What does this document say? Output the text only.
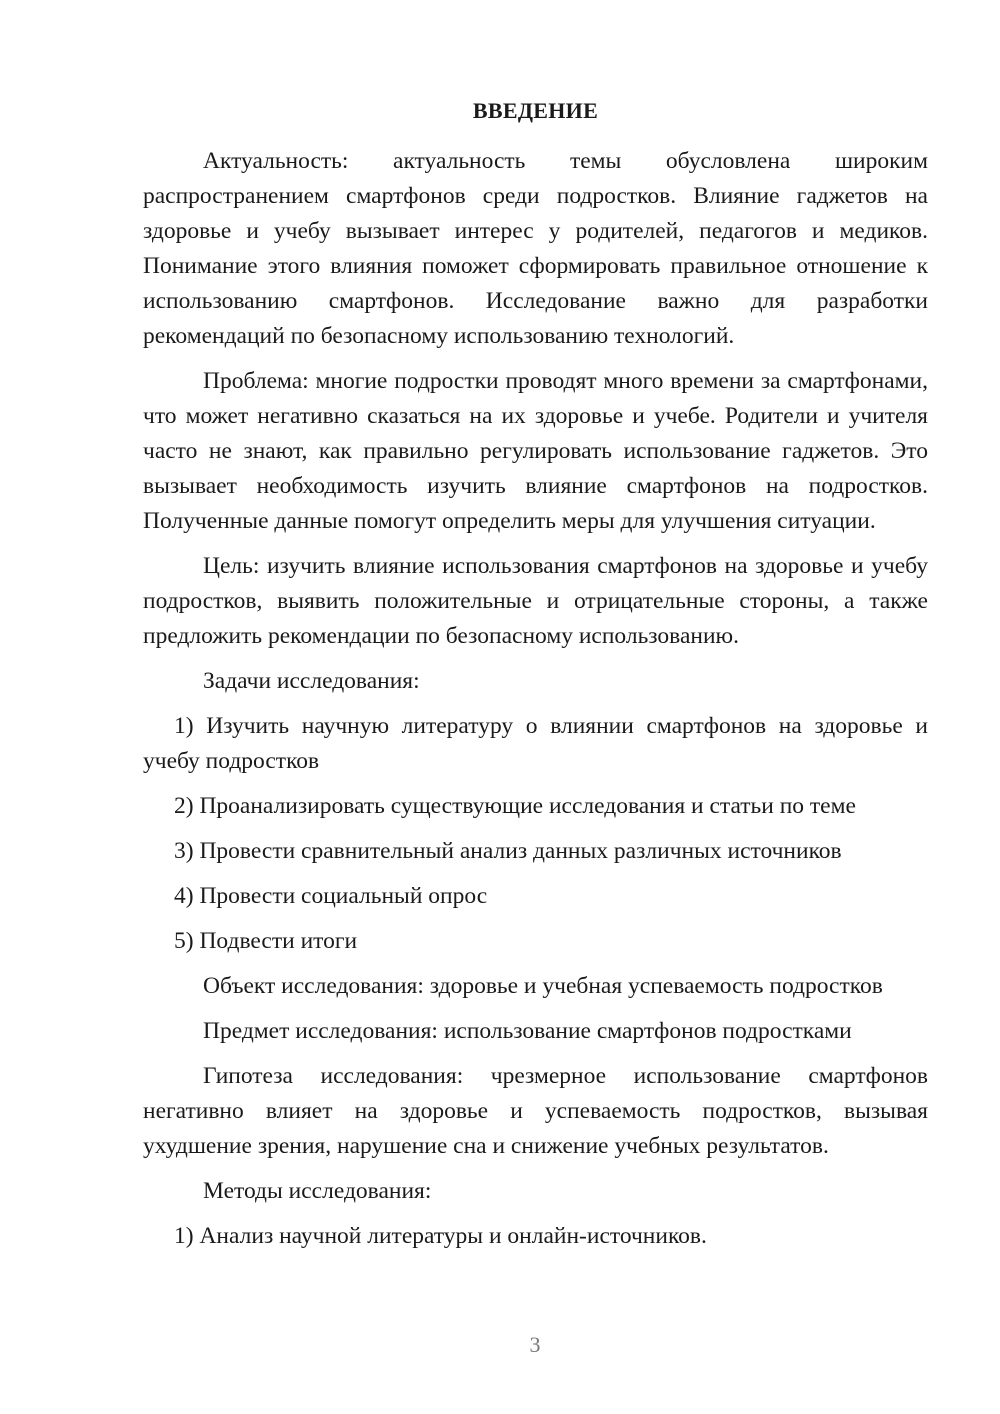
ВВЕДЕНИЕ

Актуальность: актуальность темы обусловлена широким распространением смартфонов среди подростков. Влияние гаджетов на здоровье и учебу вызывает интерес у родителей, педагогов и медиков. Понимание этого влияния поможет сформировать правильное отношение к использованию смартфонов. Исследование важно для разработки рекомендаций по безопасному использованию технологий.

Проблема: многие подростки проводят много времени за смартфонами, что может негативно сказаться на их здоровье и учебе. Родители и учителя часто не знают, как правильно регулировать использование гаджетов. Это вызывает необходимость изучить влияние смартфонов на подростков. Полученные данные помогут определить меры для улучшения ситуации.

Цель: изучить влияние использования смартфонов на здоровье и учебу подростков, выявить положительные и отрицательные стороны, а также предложить рекомендации по безопасному использованию.

Задачи исследования:

1) Изучить научную литературу о влиянии смартфонов на здоровье и учебу подростков

2) Проанализировать существующие исследования и статьи по теме

3) Провести сравнительный анализ данных различных источников

4) Провести социальный опрос

5) Подвести итоги

Объект исследования: здоровье и учебная успеваемость подростков

Предмет исследования: использование смартфонов подростками

Гипотеза исследования: чрезмерное использование смартфонов негативно влияет на здоровье и успеваемость подростков, вызывая ухудшение зрения, нарушение сна и снижение учебных результатов.

Методы исследования:

1) Анализ научной литературы и онлайн-источников.

3
